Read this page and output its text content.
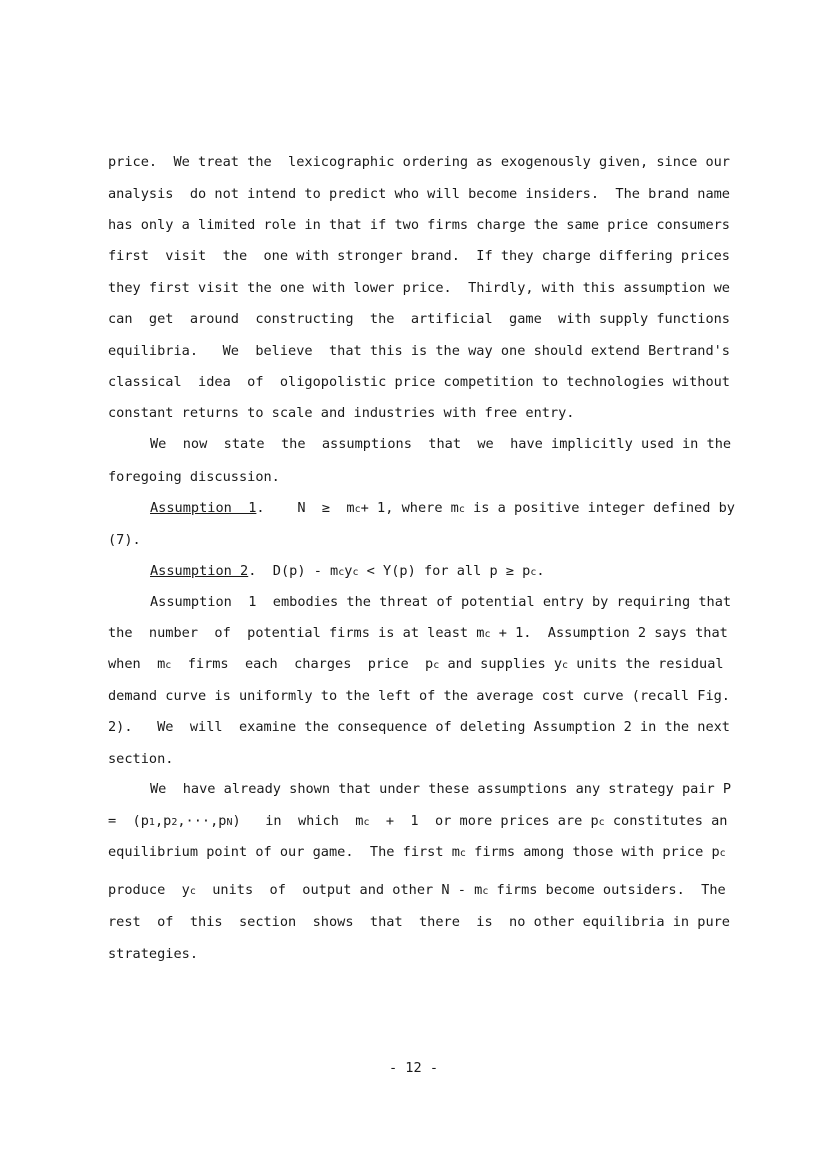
price.  We treat the  lexicographic ordering as exogenously given, since our
analysis  do not intend to predict who will become insiders.  The brand name
has only a limited role in that if two firms charge the same price consumers
first  visit  the  one with stronger brand.  If they charge differing prices
they first visit the one with lower price.  Thirdly, with this assumption we
can  get  around  constructing  the  artificial  game  with supply functions
equilibria.   We  believe  that this is the way one should extend Bertrand's
classical  idea  of  oligopolistic price competition to technologies without
constant returns to scale and industries with free entry.
We  now  state  the  assumptions  that  we  have implicitly used in the
foregoing discussion.
Assumption  1 .    N  ≥  m c + 1, where m c is a positive integer defined by
(7).
Assumption 2 .  D(p) - m c y c < Y(p) for all p ≥ p c .
Assumption  1  embodies the threat of potential entry by requiring that
the  number  of  potential firms is at least m c + 1.  Assumption 2 says that
when  m c firms  each  charges  price  p c and supplies y c units the residual
demand curve is uniformly to the left of the average cost curve (recall Fig.
2).   We  will  examine the consequence of deleting Assumption 2 in the next
section.
We  have already shown that under these assumptions any strategy pair P
=  (p 1 ,p 2 ,···,p N )   in  which  m c +  1  or more prices are p c constitutes an
equilibrium point of our game.  The first m c firms among those with price p c
produce  y c units  of  output and other N - m c firms become outsiders.  The
rest  of  this  section  shows  that  there  is  no other equilibria in pure
strategies.
- 12 -
